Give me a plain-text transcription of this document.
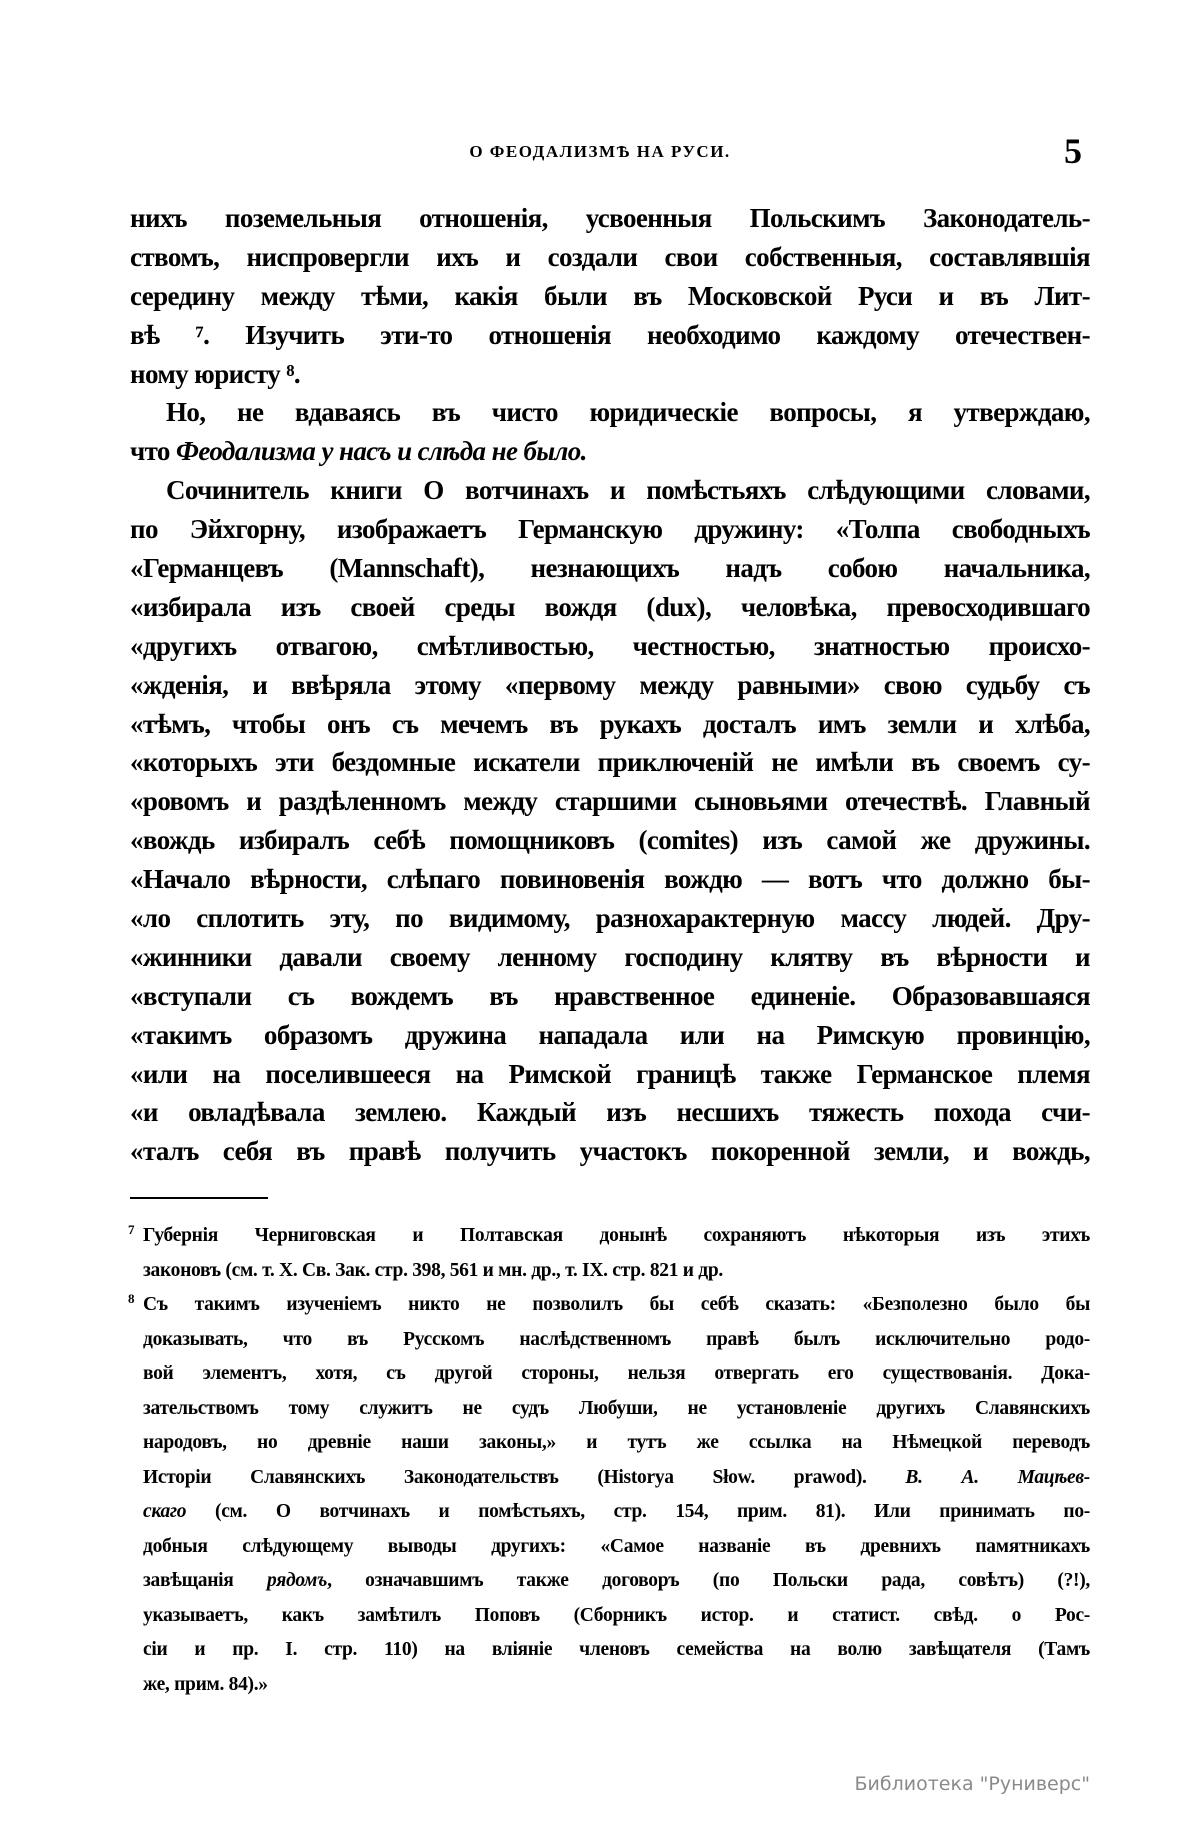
О ФЕОДАЛИЗМѢ НА РУСИ.	5
нихъ поземельныя отношенія, усвоенныя Польскимъ Законодатель-
ствомъ, ниспровергли ихъ и создали свои собственныя, составлявшія
середину между тѣми, какія были въ Московской Руси и въ Лит-
вѣ ⁷. Изучить эти-то отношенія необходимо каждому отечествен-
ному юристу ⁸.
Но, не вдаваясь въ чисто юридическіе вопросы, я утверждаю,
что Феодализма у насъ и слѣда не было.
Сочинитель книги О вотчинахъ и помѣстьяхъ слѣдующими словами,
по Эйхгорну, изображаетъ Германскую дружину: «Толпа свободныхъ
«Германцевъ (Mannschaft), незнающихъ надъ собою начальника,
«избирала изъ своей среды вождя (dux), человѣка, превосходившаго
«другихъ отвагою, смѣтливостью, честностью, знатностью происхо-
«жденія, и ввѣряла этому «первому между равными» свою судьбу съ
«тѣмъ, чтобы онъ съ мечемъ въ рукахъ досталъ имъ земли и хлѣба,
«которыхъ эти бездомные искатели приключеній не имѣли въ своемъ су-
«ровомъ и раздѣленномъ между старшими сыновьями отечествѣ. Главный
«вождь избиралъ себѣ помощниковъ (comites) изъ самой же дружины.
«Начало вѣрности, слѣпаго повиновенія вождю — вотъ что должно бы-
«ло сплотить эту, по видимому, разнохарактерную массу людей. Дру-
«жинники давали своему ленному господину клятву въ вѣрности и
«вступали съ вождемъ въ нравственное единеніе. Образовавшаяся
«такимъ образомъ дружина нападала или на Римскую провинцію,
«или на поселившееся на Римской границѣ также Германское племя
«и овладѣвала землею. Каждый изъ несшихъ тяжесть похода счи-
«талъ себя въ правѣ получить участокъ покоренной земли, и вождь,
7 Губернія Черниговская и Полтавская донынѣ сохраняютъ нѣкоторыя изъ этихъ
законовъ (см. т. X. Св. Зак. стр. 398, 561 и мн. др., т. IX. стр. 821 и др.
8 Съ такимъ изученіемъ никто не позволилъ бы себѣ сказать: «Безполезно было бы
доказывать, что въ Русскомъ наслѣдственномъ правѣ былъ исключительно родо-
вой элементъ, хотя, съ другой стороны, нельзя отвергать его существованія. Дока-
зательствомъ тому служитъ не судъ Любуши, не установленіе другихъ Славянскихъ
народовъ, но древніе наши законы,» и тутъ же ссылка на Нѣмецкой переводъ
Исторіи Славянскихъ Законодательствъ (Historya Słow. prawod). В. А. Мацѣев-
скаго (см. О вотчинахъ и помѣстьяхъ, стр. 154, прим. 81). Или принимать по-
добныя слѣдующему выводы другихъ: «Самое названіе въ древнихъ памятникахъ
завѣщанія рядомъ, означавшимъ также договоръ (по Польски рада, совѣтъ) (?!),
указываетъ, какъ замѣтилъ Поповъ (Сборникъ истор. и статист. свѣд. о Рос-
сіи и пр. I. стр. 110) на вліяніе членовъ семейства на волю завѣщателя (Тамъ
же, прим. 84).»
Библиотека "Руниверс"
